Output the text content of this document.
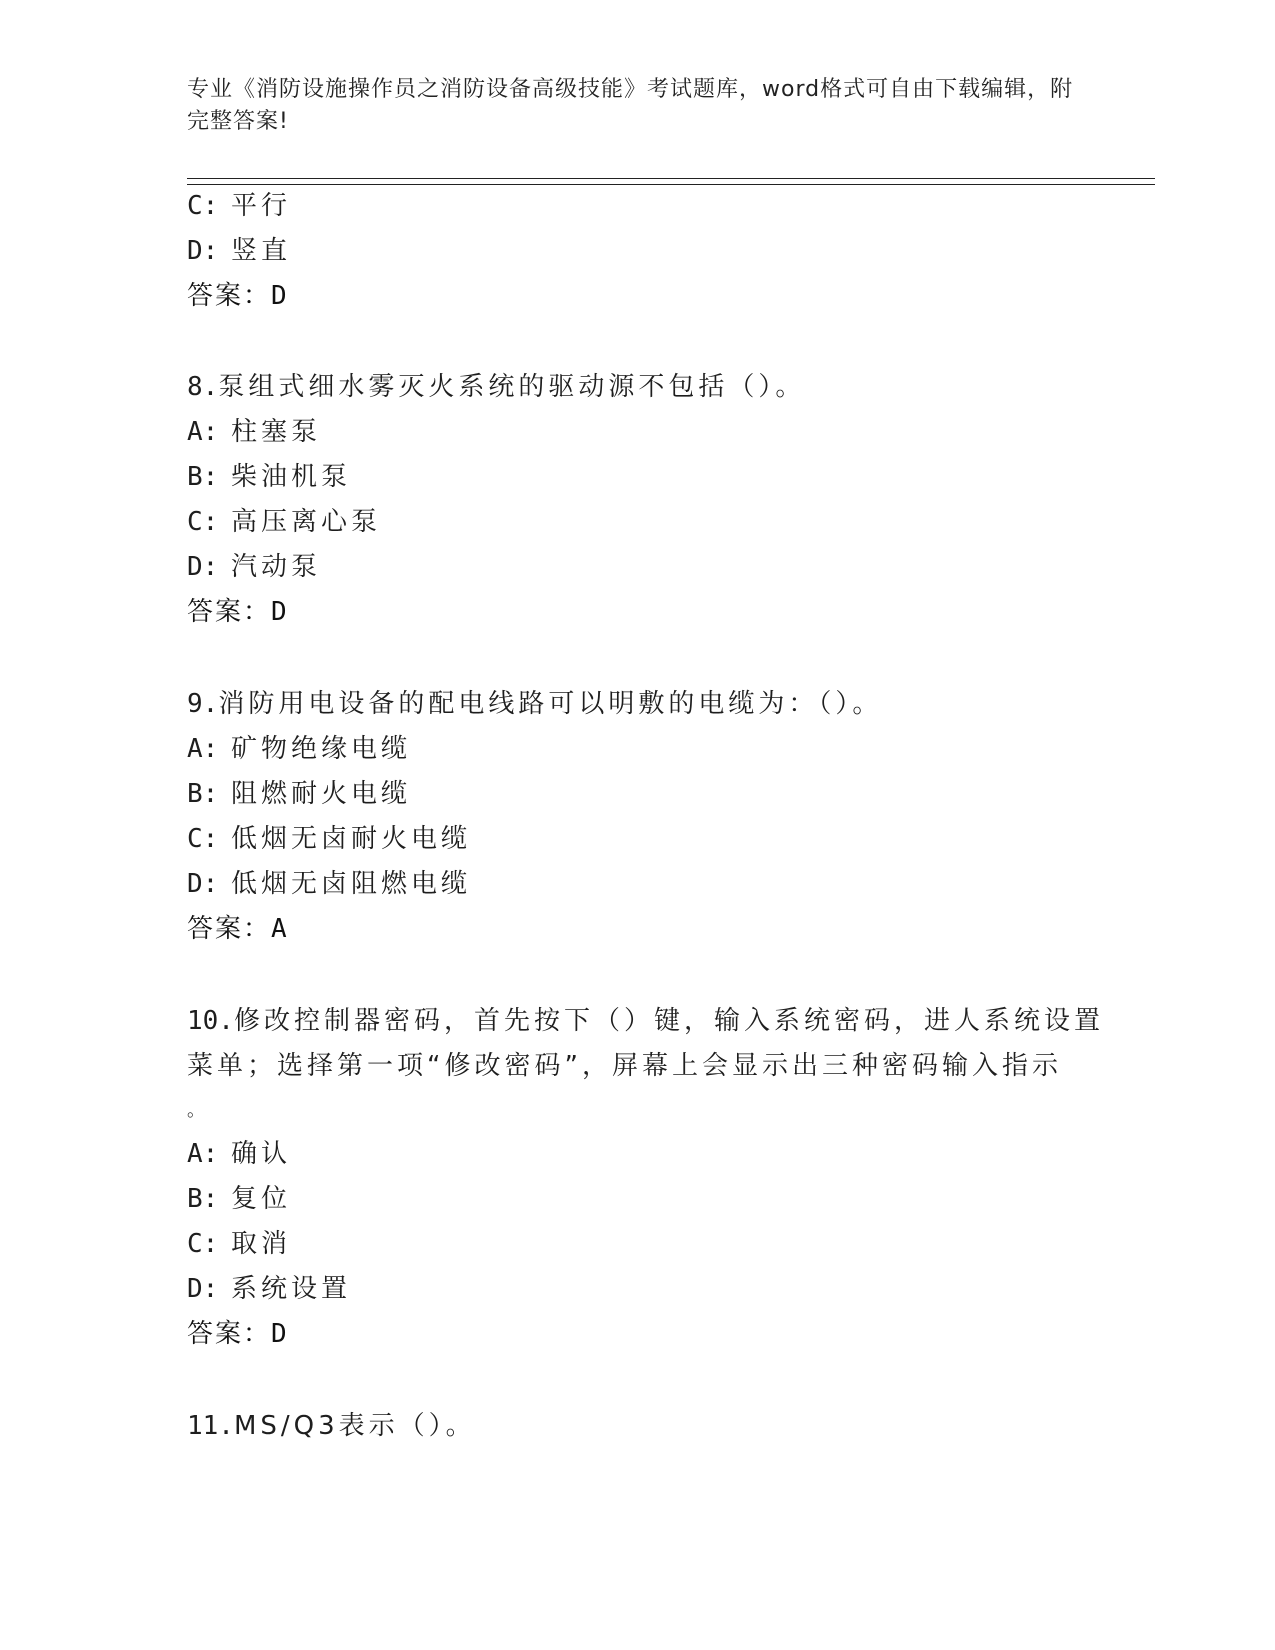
专业《消防设施操作员之消防设备高级技能》考试题库，word格式可自由下载编辑，附完整答案!
C: 平行
D: 竖直
答案：D
8.泵组式细水雾灭火系统的驱动源不包括（）。
A: 柱塞泵
B: 柴油机泵
C: 高压离心泵
D: 汽动泵
答案：D
9.消防用电设备的配电线路可以明敷的电缆为：（）。
A: 矿物绝缘电缆
B: 阻燃耐火电缆
C: 低烟无卤耐火电缆
D: 低烟无卤阻燃电缆
答案：A
10.修改控制器密码，首先按下（）键，输入系统密码，进人系统设置
菜单；选择第一项“修改密码”，屏幕上会显示出三种密码输入指示
。
A: 确认
B: 复位
C: 取消
D: 系统设置
答案：D
11.MS/Q3表示（）。
